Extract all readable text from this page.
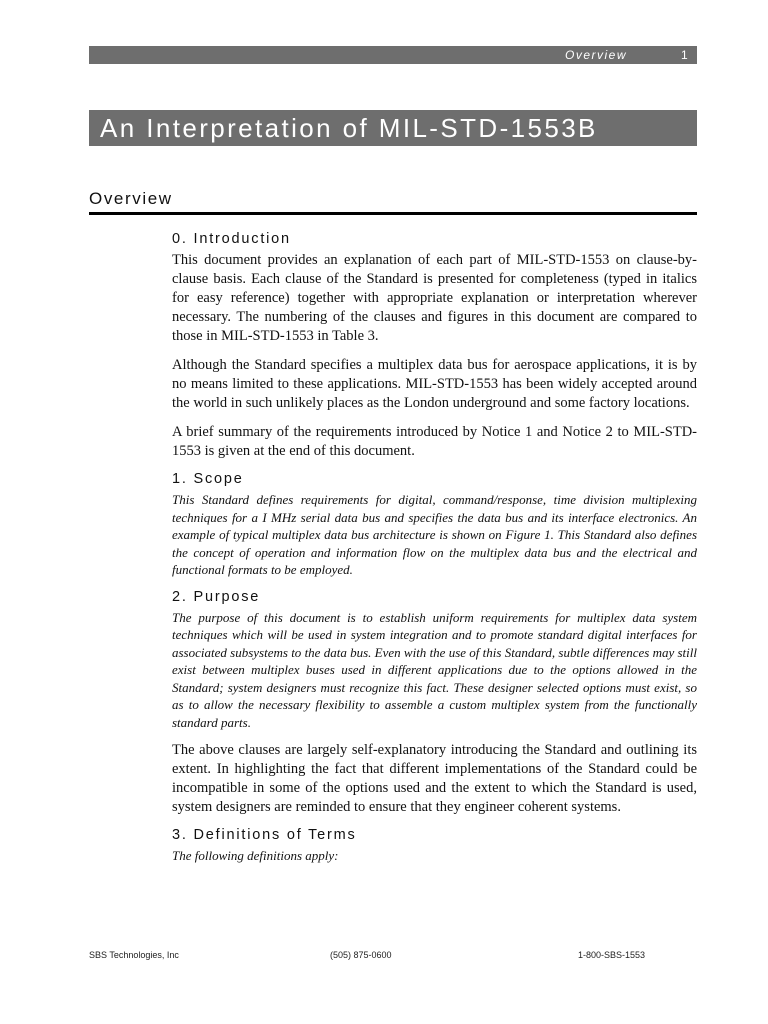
Overview	1
An Interpretation of MIL-STD-1553B
Overview
0. Introduction

This document provides an explanation of each part of MIL-STD-1553 on clause-by-clause basis. Each clause of the Standard is presented for completeness (typed in italics for easy reference) together with appropriate explanation or interpretation wherever necessary. The numbering of the clauses and figures in this document are compared to those in MIL-STD-1553 in Table 3.

Although the Standard specifies a multiplex data bus for aerospace applications, it is by no means limited to these applications. MIL-STD-1553 has been widely accepted around the world in such unlikely places as the London underground and some factory locations.

A brief summary of the requirements introduced by Notice 1 and Notice 2 to MIL-STD-1553 is given at the end of this document.

1. Scope

This Standard defines requirements for digital, command/response, time division multiplexing techniques for a I MHz serial data bus and specifies the data bus and its interface electronics. An example of typical multiplex data bus architecture is shown on Figure 1. This Standard also defines the concept of operation and information flow on the multiplex data bus and the electrical and functional formats to be employed.

2. Purpose

The purpose of this document is to establish uniform requirements for multiplex data system techniques which will be used in system integration and to promote standard digital interfaces for associated subsystems to the data bus. Even with the use of this Standard, subtle differences may still exist between multiplex buses used in different applications due to the options allowed in the Standard; system designers must recognize this fact. These designer selected options must exist, so as to allow the necessary flexibility to assemble a custom multiplex system from the functionally standard parts.

The above clauses are largely self-explanatory introducing the Standard and outlining its extent. In highlighting the fact that different implementations of the Standard could be incompatible in some of the options used and the extent to which the Standard is used, system designers are reminded to ensure that they engineer coherent systems.

3. Definitions of Terms

The following definitions apply:

SBS Technologies, Inc	(505) 875-0600	1-800-SBS-1553
